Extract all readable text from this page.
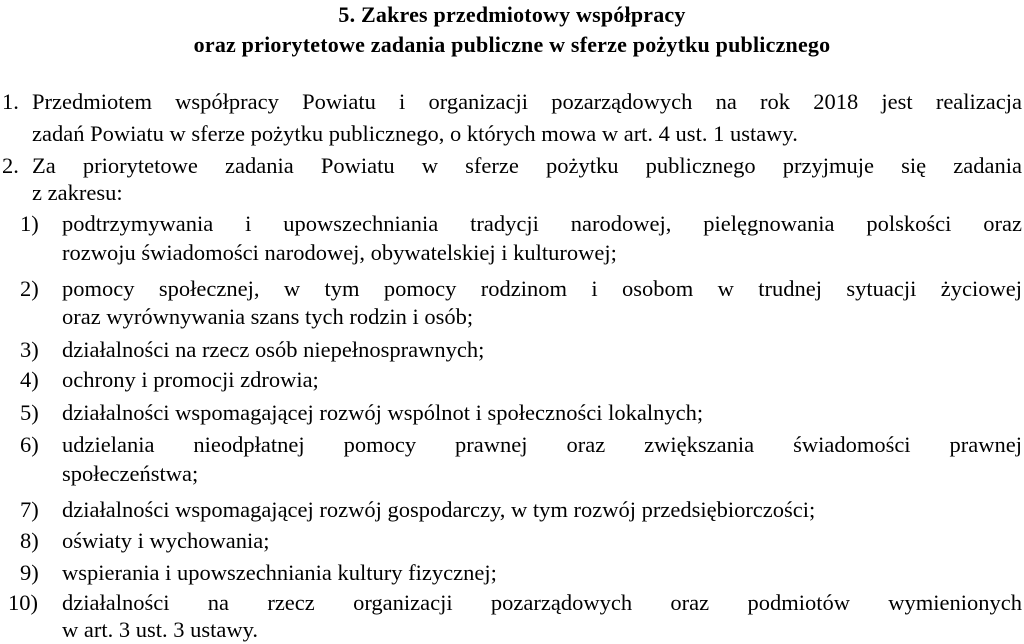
5. Zakres przedmiotowy współpracy
oraz priorytetowe zadania publiczne w sferze pożytku publicznego
1. Przedmiotem współpracy Powiatu i organizacji pozarządowych na rok 2018 jest realizacja
zadań Powiatu w sferze pożytku publicznego, o których mowa w art. 4 ust. 1 ustawy.
2. Za priorytetowe zadania Powiatu w sferze pożytku publicznego przyjmuje się zadania
z zakresu:
1) podtrzymywania i upowszechniania tradycji narodowej, pielęgnowania polskości oraz
rozwoju świadomości narodowej, obywatelskiej i kulturowej;
2) pomocy społecznej, w tym pomocy rodzinom i osobom w trudnej sytuacji życiowej
oraz wyrównywania szans tych rodzin i osób;
3) działalności na rzecz osób niepełnosprawnych;
4) ochrony i promocji zdrowia;
5) działalności wspomagającej rozwój wspólnot i społeczności lokalnych;
6) udzielania nieodpłatnej pomocy prawnej oraz zwiększania świadomości prawnej
społeczeństwa;
7) działalności wspomagającej rozwój gospodarczy, w tym rozwój przedsiębiorczości;
8) oświaty i wychowania;
9) wspierania i upowszechniania kultury fizycznej;
10) działalności na rzecz organizacji pozarządowych oraz podmiotów wymienionych
w art. 3 ust. 3 ustawy.
